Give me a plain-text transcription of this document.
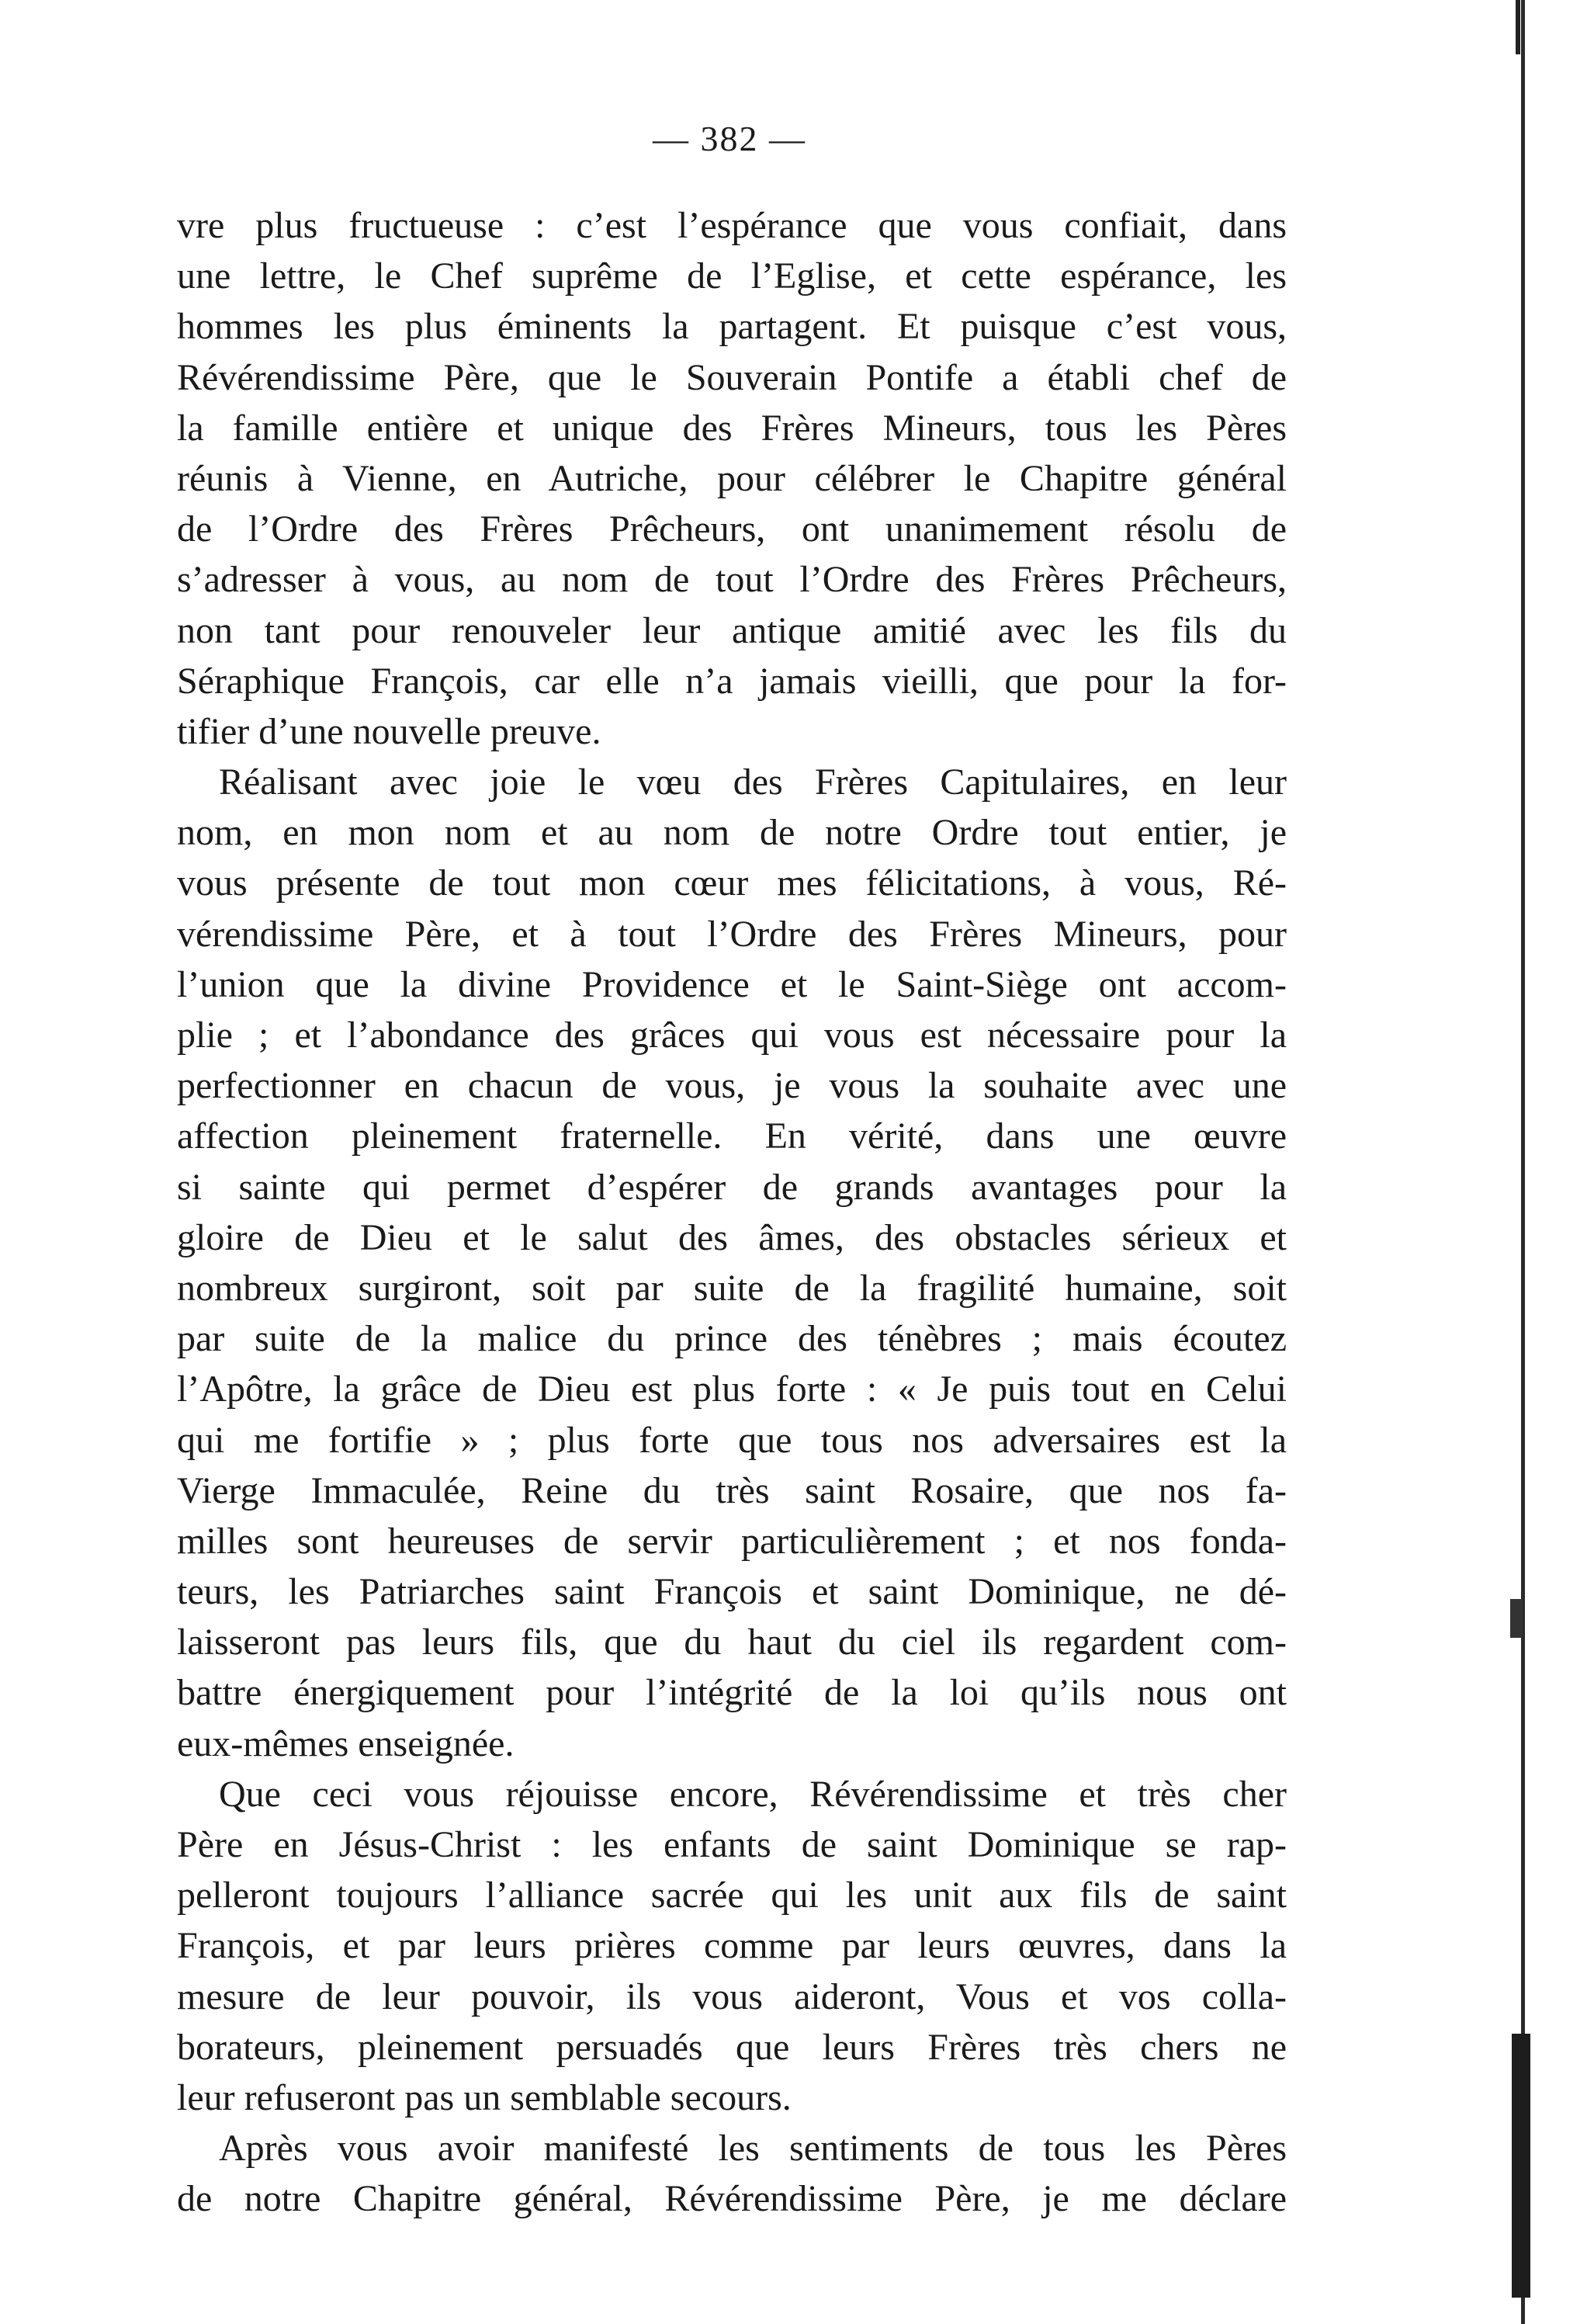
— 382 —
vre plus fructueuse : c’est l’espérance que vous confiait, dans
une lettre, le Chef suprême de l’Eglise, et cette espérance, les
hommes les plus éminents la partagent. Et puisque c’est vous,
Révérendissime Père, que le Souverain Pontife a établi chef de
la famille entière et unique des Frères Mineurs, tous les Pères
réunis à Vienne, en Autriche, pour célébrer le Chapitre général
de l’Ordre des Frères Prêcheurs, ont unanimement résolu de
s’adresser à vous, au nom de tout l’Ordre des Frères Prêcheurs,
non tant pour renouveler leur antique amitié avec les fils du
Séraphique François, car elle n’a jamais vieilli, que pour la for-
tifier d’une nouvelle preuve.
Réalisant avec joie le vœu des Frères Capitulaires, en leur
nom, en mon nom et au nom de notre Ordre tout entier, je
vous présente de tout mon cœur mes félicitations, à vous, Ré-
vérendissime Père, et à tout l’Ordre des Frères Mineurs, pour
l’union que la divine Providence et le Saint-Siège ont accom-
plie ; et l’abondance des grâces qui vous est nécessaire pour la
perfectionner en chacun de vous, je vous la souhaite avec une
affection pleinement fraternelle. En vérité, dans une œuvre
si sainte qui permet d’espérer de grands avantages pour la
gloire de Dieu et le salut des âmes, des obstacles sérieux et
nombreux surgiront, soit par suite de la fragilité humaine, soit
par suite de la malice du prince des ténèbres ; mais écoutez
l’Apôtre, la grâce de Dieu est plus forte : « Je puis tout en Celui
qui me fortifie » ; plus forte que tous nos adversaires est la
Vierge Immaculée, Reine du très saint Rosaire, que nos fa-
milles sont heureuses de servir particulièrement ; et nos fonda-
teurs, les Patriarches saint François et saint Dominique, ne dé-
laisseront pas leurs fils, que du haut du ciel ils regardent com-
battre énergiquement pour l’intégrité de la loi qu’ils nous ont
eux-mêmes enseignée.
Que ceci vous réjouisse encore, Révérendissime et très cher
Père en Jésus-Christ : les enfants de saint Dominique se rap-
pelleront toujours l’alliance sacrée qui les unit aux fils de saint
François, et par leurs prières comme par leurs œuvres, dans la
mesure de leur pouvoir, ils vous aideront, Vous et vos colla-
borateurs, pleinement persuadés que leurs Frères très chers ne
leur refuseront pas un semblable secours.
Après vous avoir manifesté les sentiments de tous les Pères
de notre Chapitre général, Révérendissime Père, je me déclare
